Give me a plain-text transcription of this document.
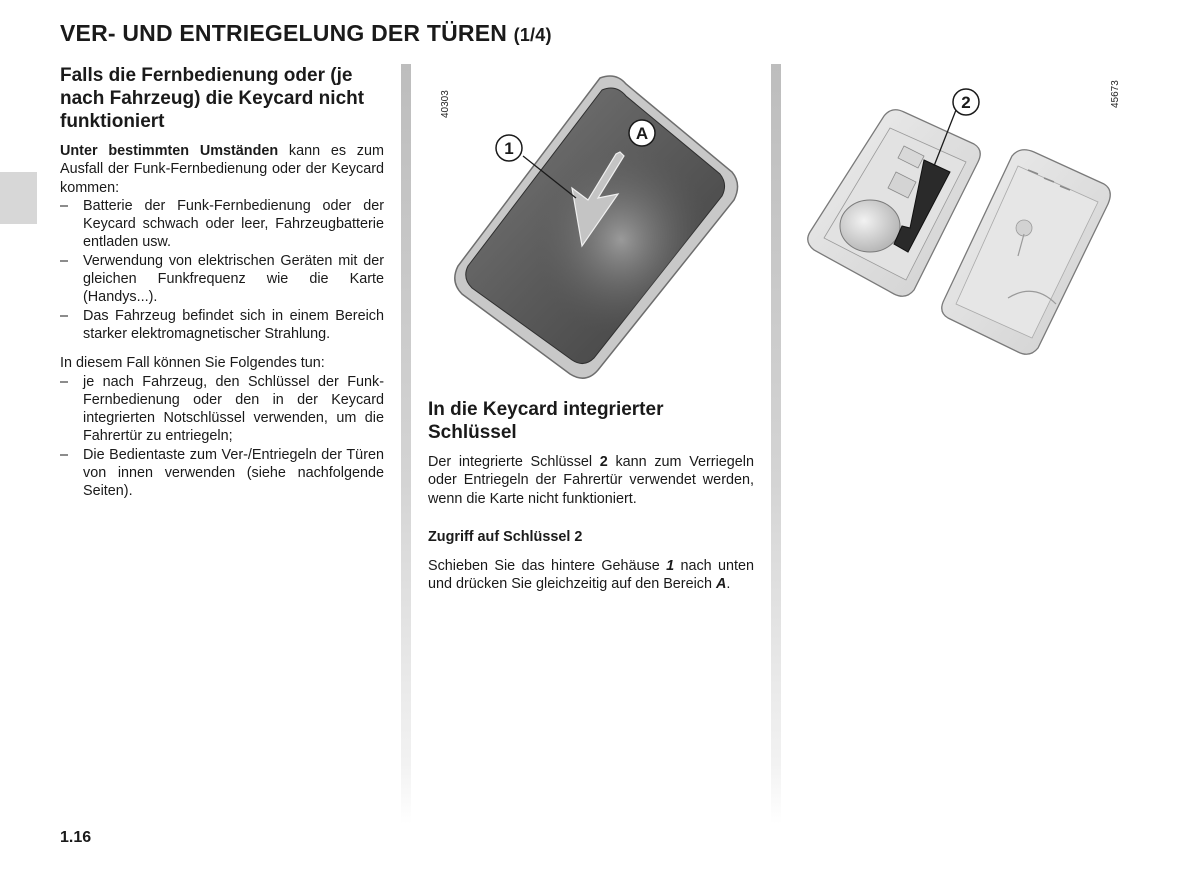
VER- UND ENTRIEGELUNG DER TÜREN (1/4)
Falls die Fernbedienung oder (je nach Fahrzeug) die Keycard nicht funktioniert

Unter bestimmten Umständen kann es zum Ausfall der Funk-Fernbedienung oder der Keycard kommen:

– Batterie der Funk-Fernbedienung oder der Keycard schwach oder leer, Fahrzeugbatterie entladen usw.
– Verwendung von elektrischen Geräten mit der gleichen Funkfrequenz wie die Karte (Handys...).
– Das Fahrzeug befindet sich in einem Bereich starker elektromagnetischer Strahlung.

In diesem Fall können Sie Folgendes tun:

– je nach Fahrzeug, den Schlüssel der Funk-Fernbedienung oder den in der Keycard integrierten Notschlüssel verwenden, um die Fahrertür zu entriegeln;
– Die Bedientaste zum Ver-/Entriegeln der Türen von innen verwenden (siehe nachfolgende Seiten).
40303
1
A
45673
2
In die Keycard integrierter Schlüssel

Der integrierte Schlüssel 2 kann zum Verriegeln oder Entriegeln der Fahrertür verwendet werden, wenn die Karte nicht funktioniert.

Zugriff auf Schlüssel 2

Schieben Sie das hintere Gehäuse 1 nach unten und drücken Sie gleichzeitig auf den Bereich A.

1.16
